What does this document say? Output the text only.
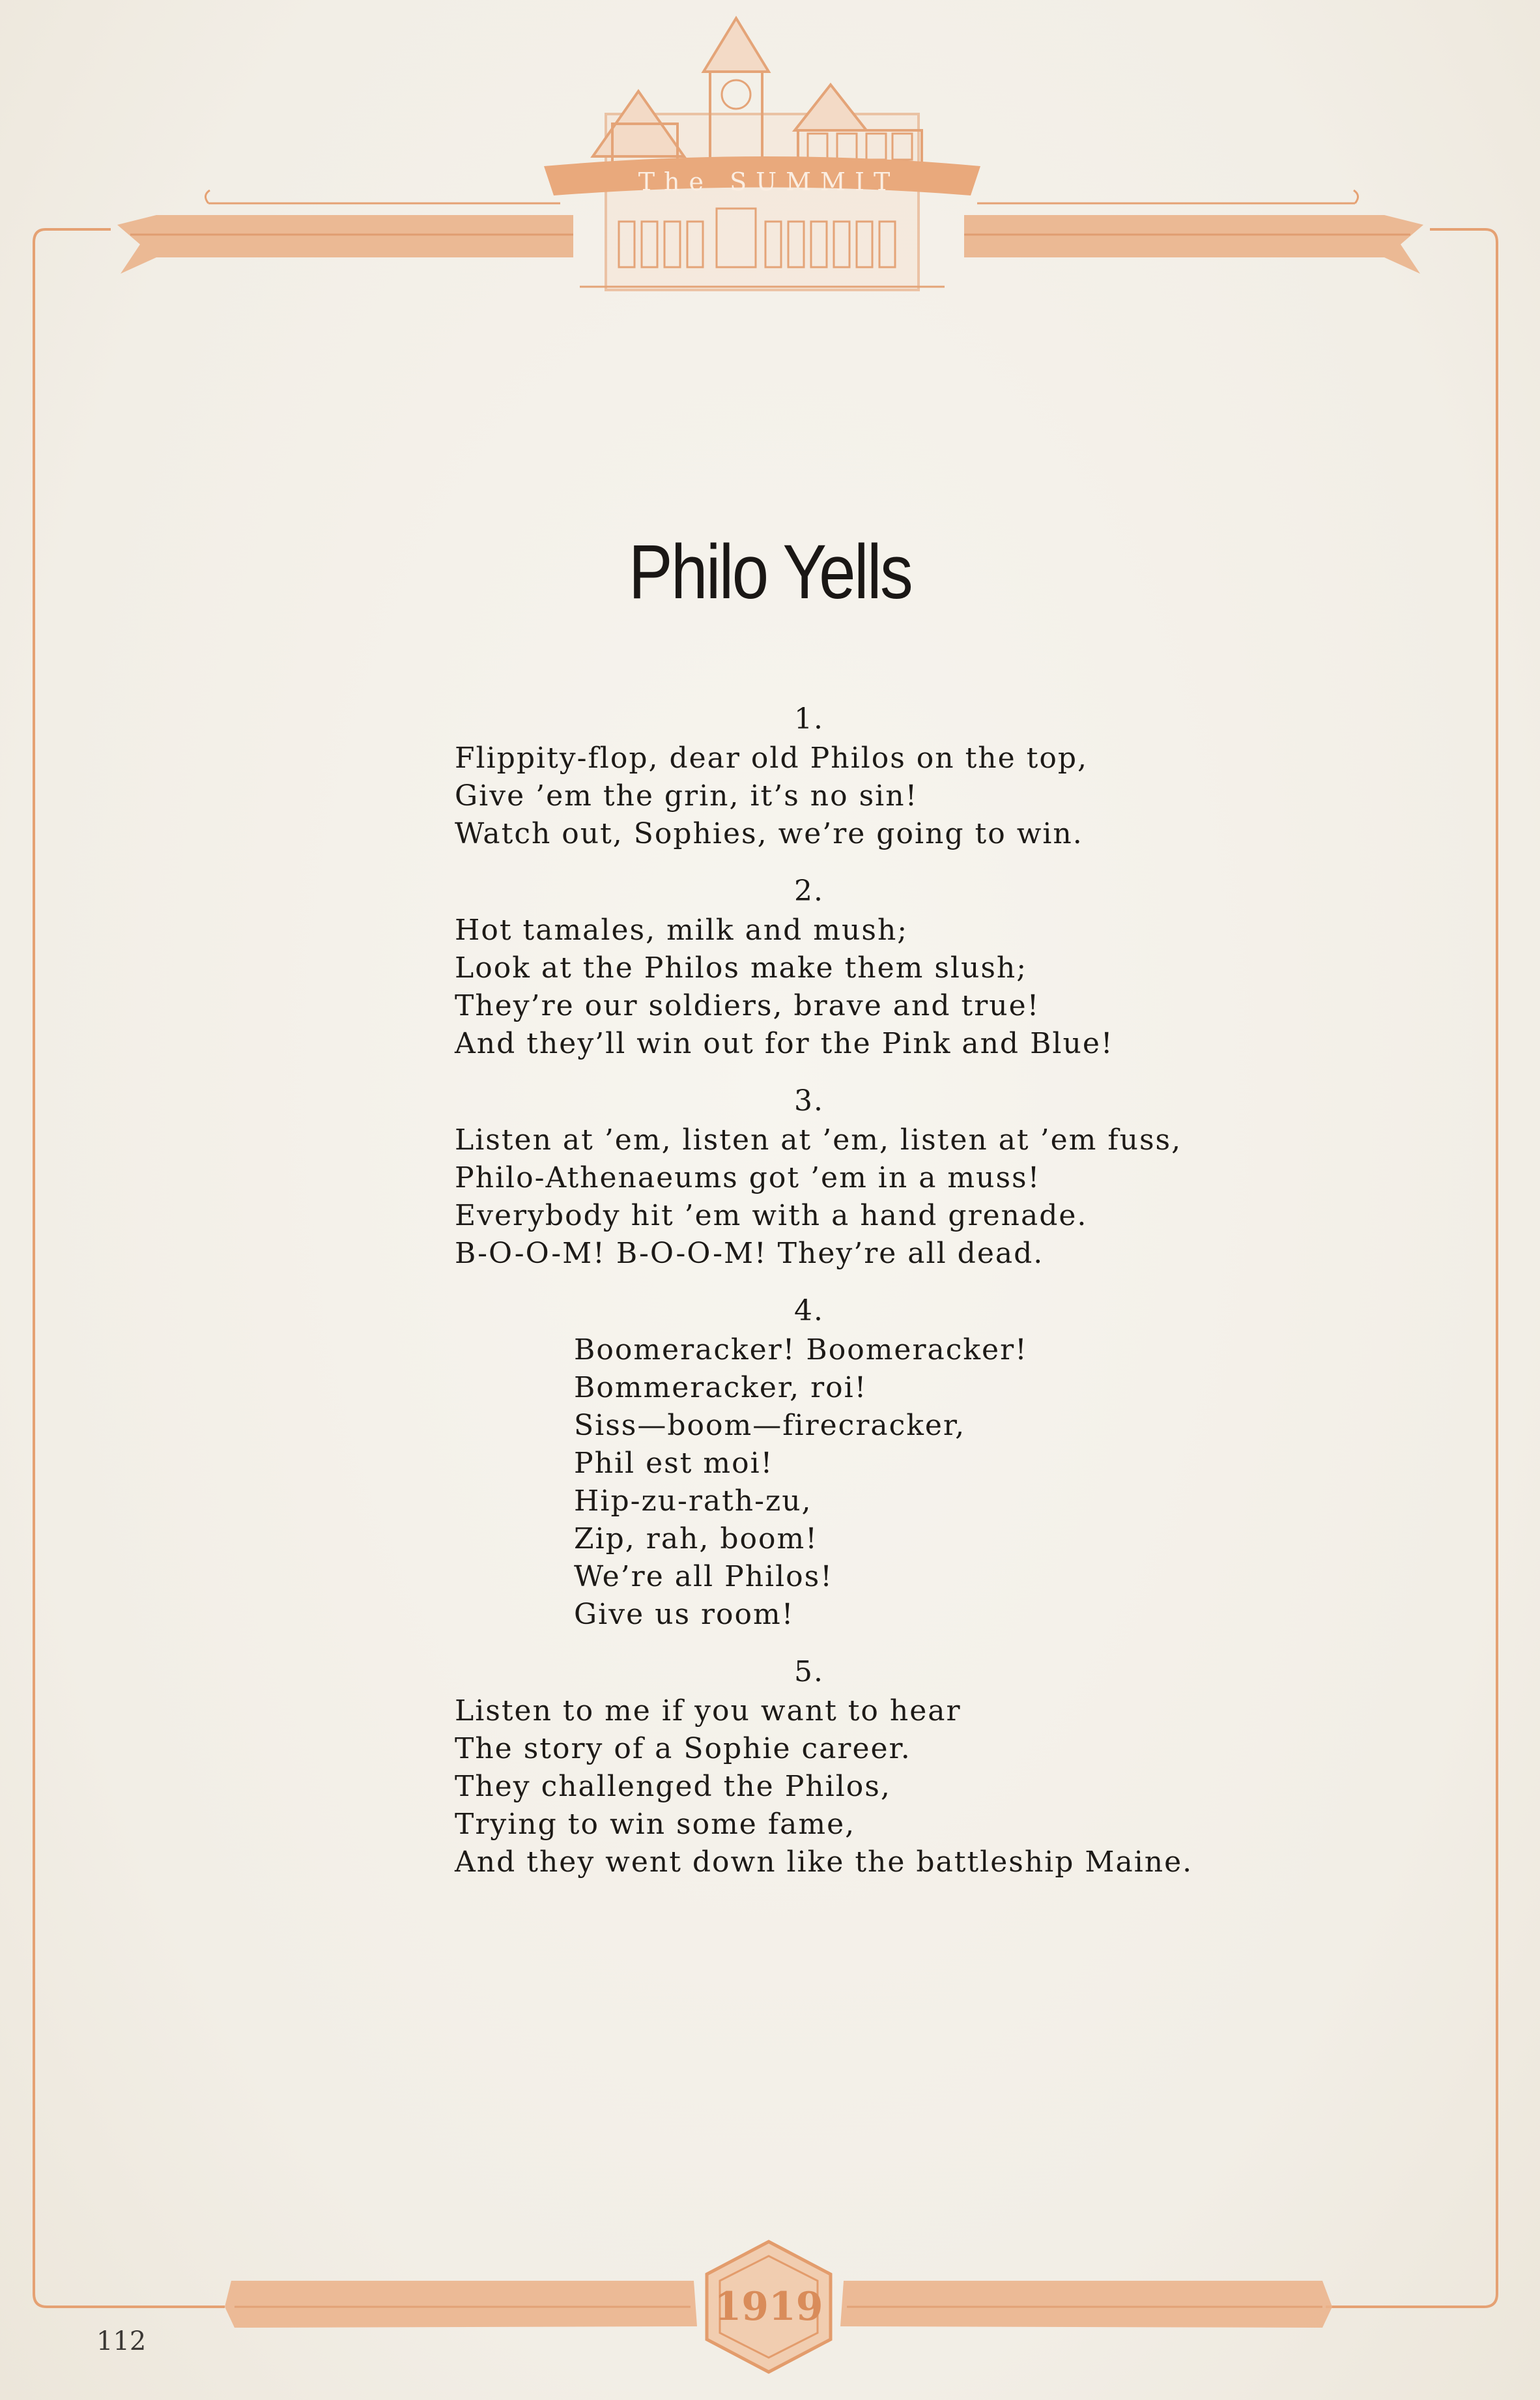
The SUMMIT
1919
Philo Yells
1.
Flippity-flop, dear old Philos on the top,
Give ’em the grin, it’s no sin!
Watch out, Sophies, we’re going to win.
2.
Hot tamales, milk and mush;
Look at the Philos make them slush;
They’re our soldiers, brave and true!
And they’ll win out for the Pink and Blue!
3.
Listen at ’em, listen at ’em, listen at ’em fuss,
Philo-Athenaeums got ’em in a muss!
Everybody hit ’em with a hand grenade.
B-O-O-M! B-O-O-M! They’re all dead.
4.
Boomeracker! Boomeracker!
Bommeracker, roi!
Siss—boom—firecracker,
Phil est moi!
Hip-zu-rath-zu,
Zip, rah, boom!
We’re all Philos!
Give us room!
5.
Listen to me if you want to hear
The story of a Sophie career.
They challenged the Philos,
Trying to win some fame,
And they went down like the battleship Maine.
112
